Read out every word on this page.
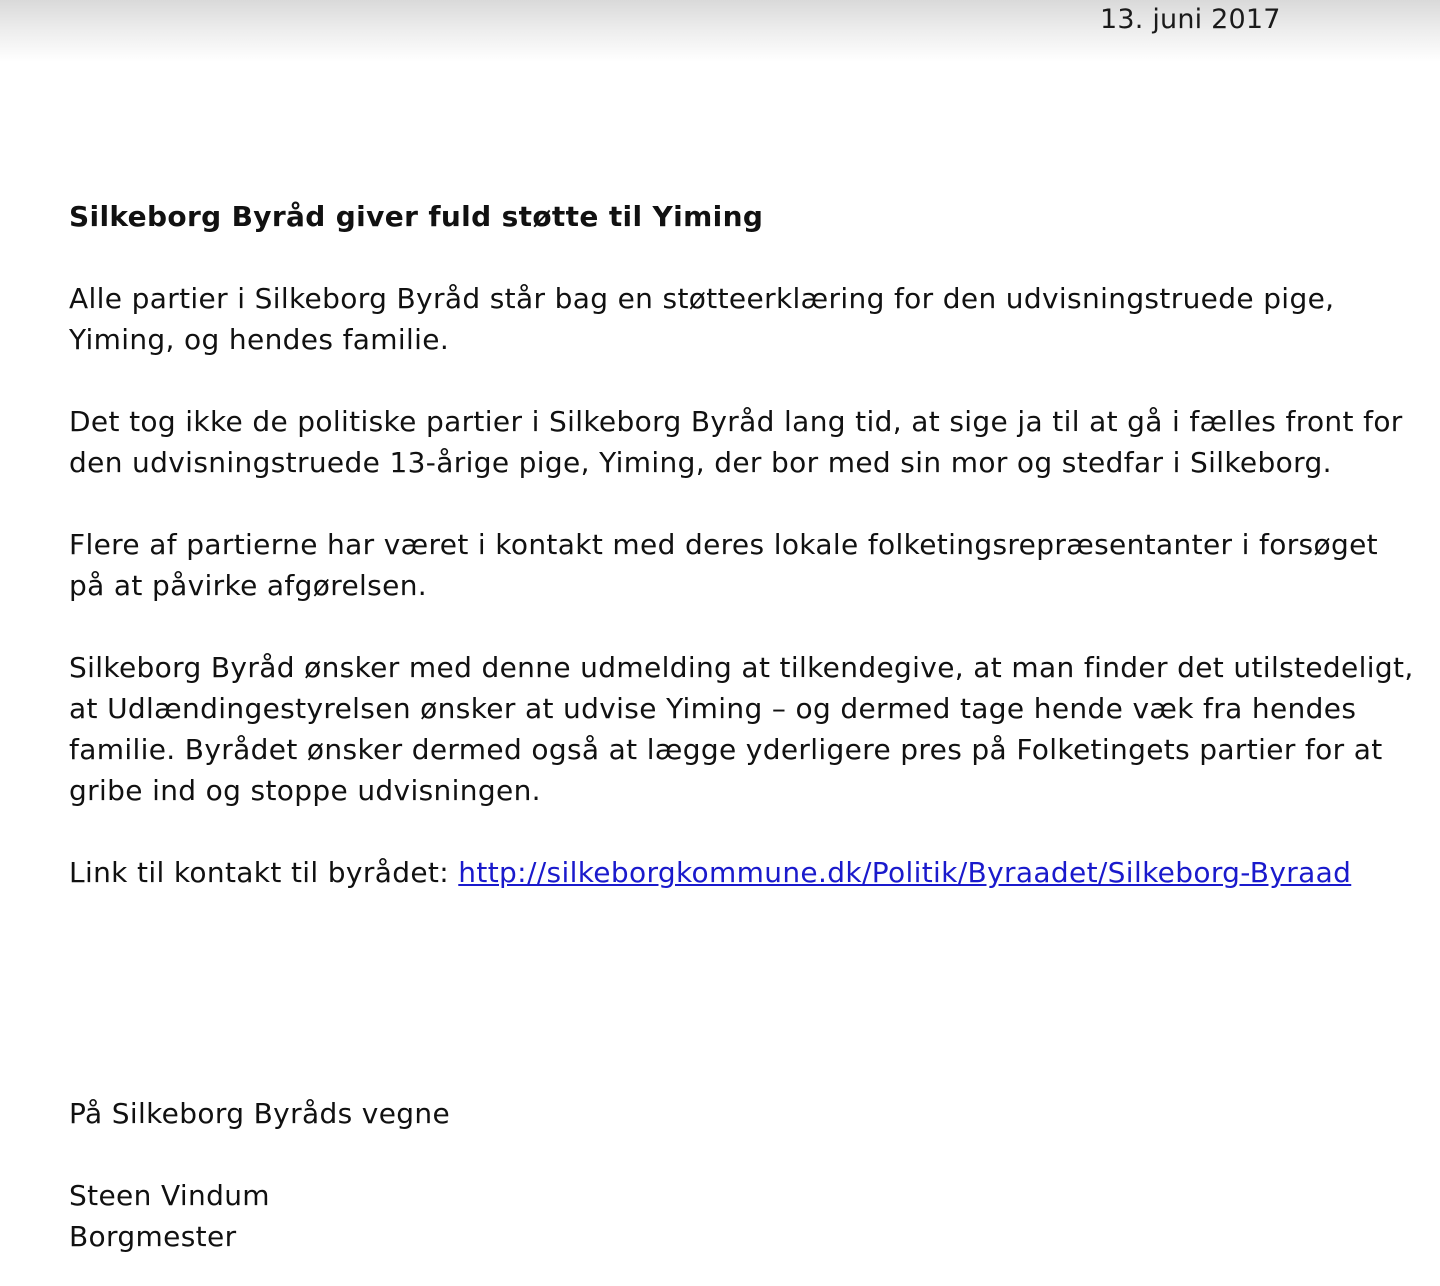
13. juni 2017
Silkeborg Byråd giver fuld støtte til Yiming

Alle partier i Silkeborg Byråd står bag en støtteerklæring for den udvisningstruede pige, Yiming, og hendes familie.

Det tog ikke de politiske partier i Silkeborg Byråd lang tid, at sige ja til at gå i fælles front for den udvisningstruede 13-årige pige, Yiming, der bor med sin mor og stedfar i Silkeborg.

Flere af partierne har været i kontakt med deres lokale folketingsrepræsentanter i forsøget på at påvirke afgørelsen.

Silkeborg Byråd ønsker med denne udmelding at tilkendegive, at man finder det utilstedeligt, at Udlændingestyrelsen ønsker at udvise Yiming – og dermed tage hende væk fra hendes familie. Byrådet ønsker dermed også at lægge yderligere pres på Folketingets partier for at gribe ind og stoppe udvisningen.

Link til kontakt til byrådet: http://silkeborgkommune.dk/Politik/Byraadet/Silkeborg-Byraad

På Silkeborg Byråds vegne

Steen Vindum
Borgmester
